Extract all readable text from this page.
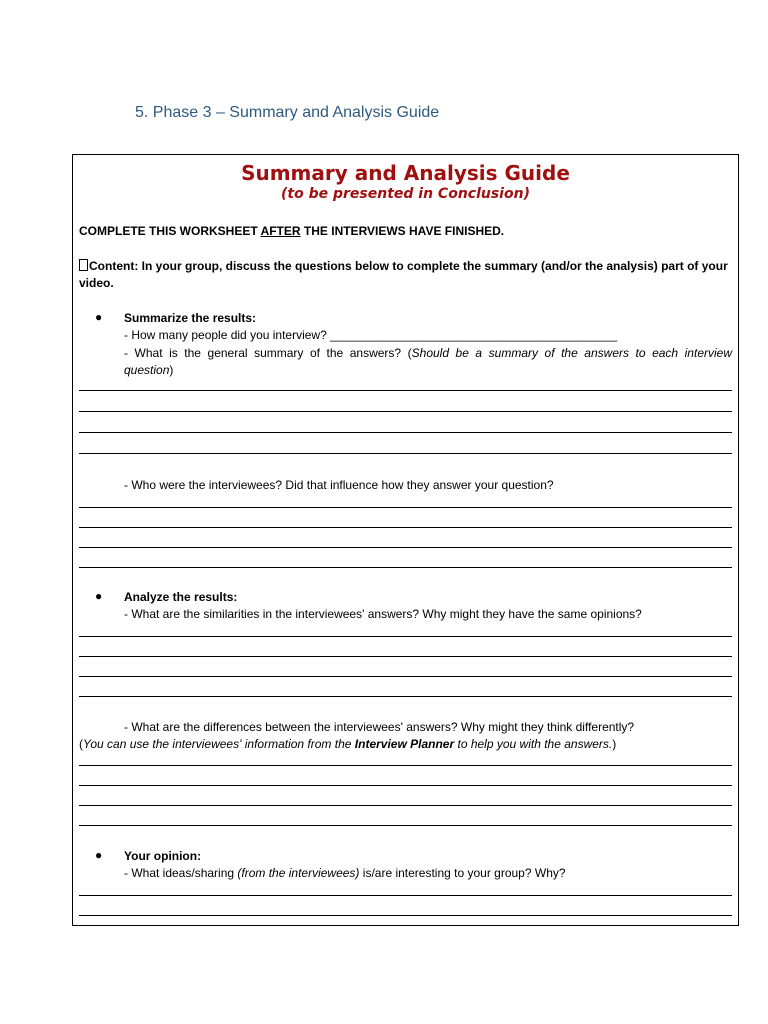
5. Phase 3 – Summary and Analysis Guide
Summary and Analysis Guide
(to be presented in Conclusion)
COMPLETE THIS WORKSHEET AFTER THE INTERVIEWS HAVE FINISHED.
Content: In your group, discuss the questions below to complete the summary (and/or the analysis) part of your
video.
● Summarize the results:
- How many people did you interview? ___________________________________________
- What is the general summary of the answers? (Should be a summary of the answers to each interview
question)
- Who were the interviewees? Did that influence how they answer your question?
● Analyze the results:
- What are the similarities in the interviewees' answers? Why might they have the same opinions?
- What are the differences between the interviewees' answers? Why might they think differently?
(You can use the interviewees' information from the Interview Planner to help you with the answers.)
● Your opinion:
- What ideas/sharing (from the interviewees) is/are interesting to your group? Why?
